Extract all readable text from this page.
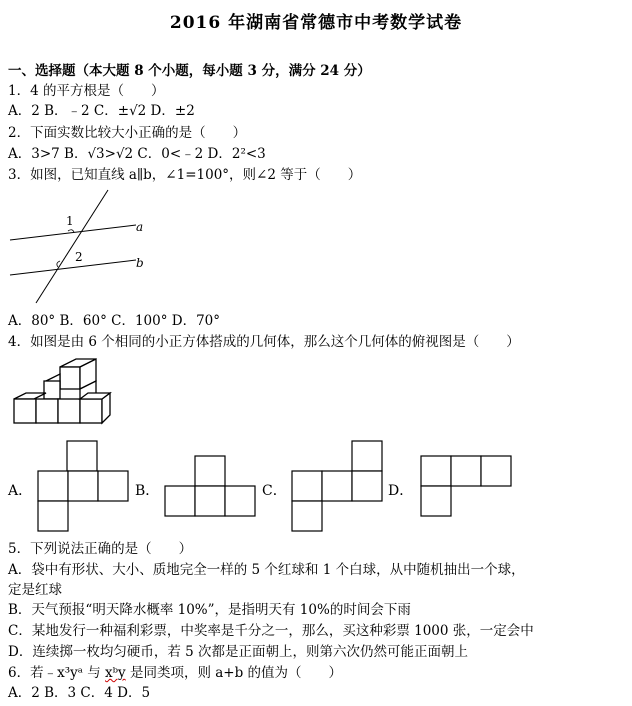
2016 年湖南省常德市中考数学试卷
一、选择题（本大题 8 个小题，每小题 3 分，满分 24 分）
1．4 的平方根是（　　）
A．2 B．﹣2 C．±√2 D．±2
2．下面实数比较大小正确的是（　　）
A．3>7 B．√3>√2 C．0<﹣2 D．2²<3
3．如图，已知直线 a∥b，∠1=100°，则∠2 等于（　　）
1
2
a
b
A．80° B．60° C．100° D．70°
4．如图是由 6 个相同的小正方体搭成的几何体，那么这个几何体的俯视图是（　　）
A．	B．	C．	D．
5．下列说法正确的是（　　）
A．袋中有形状、大小、质地完全一样的 5 个红球和 1 个白球，从中随机抽出一个球，
定是红球
B．天气预报“明天降水概率 10%”，是指明天有 10%的时间会下雨
C．某地发行一种福利彩票，中奖率是千分之一，那么，买这种彩票 1000 张，一定会中
D．连续掷一枚均匀硬币，若 5 次都是正面朝上，则第六次仍然可能正面朝上
6．若﹣x³yᵃ 与 xᵇy 是同类项，则 a+b 的值为（　　）
A．2 B．3 C．4 D．5
